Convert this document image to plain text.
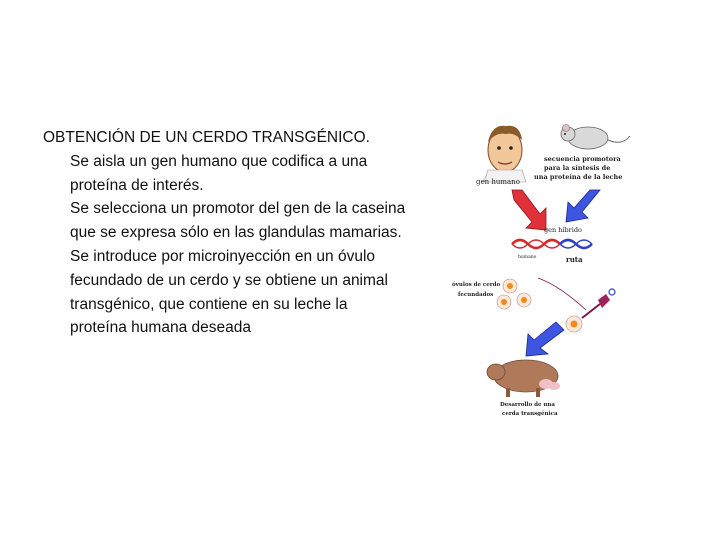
OBTENCIÓN DE UN CERDO TRANSGÉNICO.
Se aisla un gen humano que codifica a una
proteína de interés.
Se selecciona un promotor del gen de la caseina
que se expresa sólo en las glandulas mamarias.
Se introduce por microinyección en un óvulo
fecundado de un cerdo y se obtiene un animal
transgénico, que contiene en su leche la
proteína humana deseada
gen humano
secuencia promotora
para la síntesis de
una proteína de la leche
gen híbrido
humano	ruta
óvulos de cerdo
fecundados
Desarrollo de una
cerda transgénica
